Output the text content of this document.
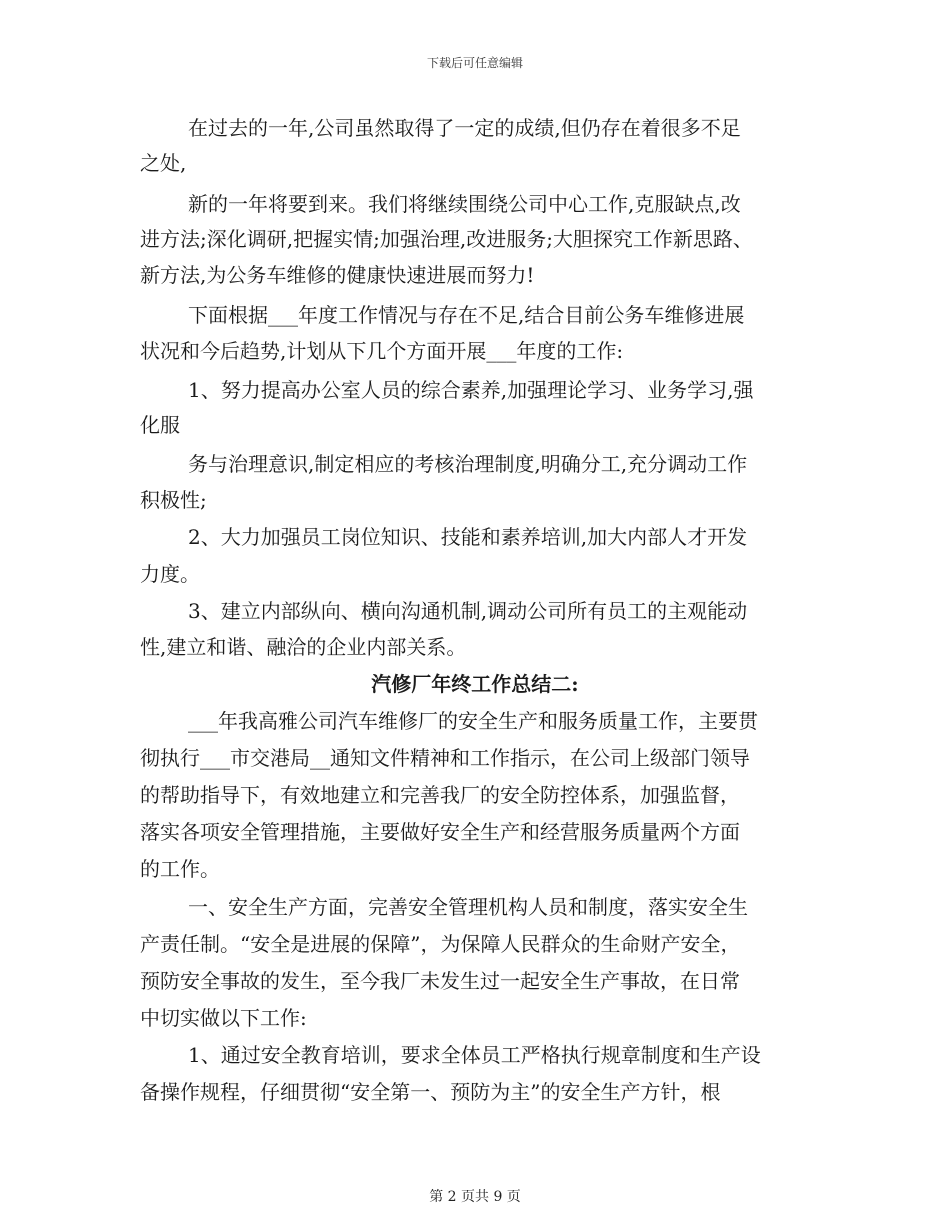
下载后可任意编辑
在过去的一年,公司虽然取得了一定的成绩,但仍存在着很多不足
之处,
新的一年将要到来。我们将继续围绕公司中心工作,克服缺点,改
进方法;深化调研,把握实情;加强治理,改进服务;大胆探究工作新思路、
新方法,为公务车维修的健康快速进展而努力!
下面根据___年度工作情况与存在不足,结合目前公务车维修进展
状况和今后趋势,计划从下几个方面开展___年度的工作:
1、努力提高办公室人员的综合素养,加强理论学习、业务学习,强
化服
务与治理意识,制定相应的考核治理制度,明确分工,充分调动工作
积极性;
2、大力加强员工岗位知识、技能和素养培训,加大内部人才开发
力度。
3、建立内部纵向、横向沟通机制,调动公司所有员工的主观能动
性,建立和谐、融洽的企业内部关系。
汽修厂年终工作总结二:
___年我高雅公司汽车维修厂的安全生产和服务质量工作，主要贯
彻执行___市交港局__通知文件精神和工作指示，在公司上级部门领导
的帮助指导下，有效地建立和完善我厂的安全防控体系，加强监督，
落实各项安全管理措施，主要做好安全生产和经营服务质量两个方面
的工作。
一、安全生产方面，完善安全管理机构人员和制度，落实安全生
产责任制。“安全是进展的保障”，为保障人民群众的生命财产安全，
预防安全事故的发生，至今我厂未发生过一起安全生产事故，在日常
中切实做以下工作:
1、通过安全教育培训，要求全体员工严格执行规章制度和生产设
备操作规程，仔细贯彻“安全第一、预防为主”的安全生产方针，根
第 2 页共 9 页
